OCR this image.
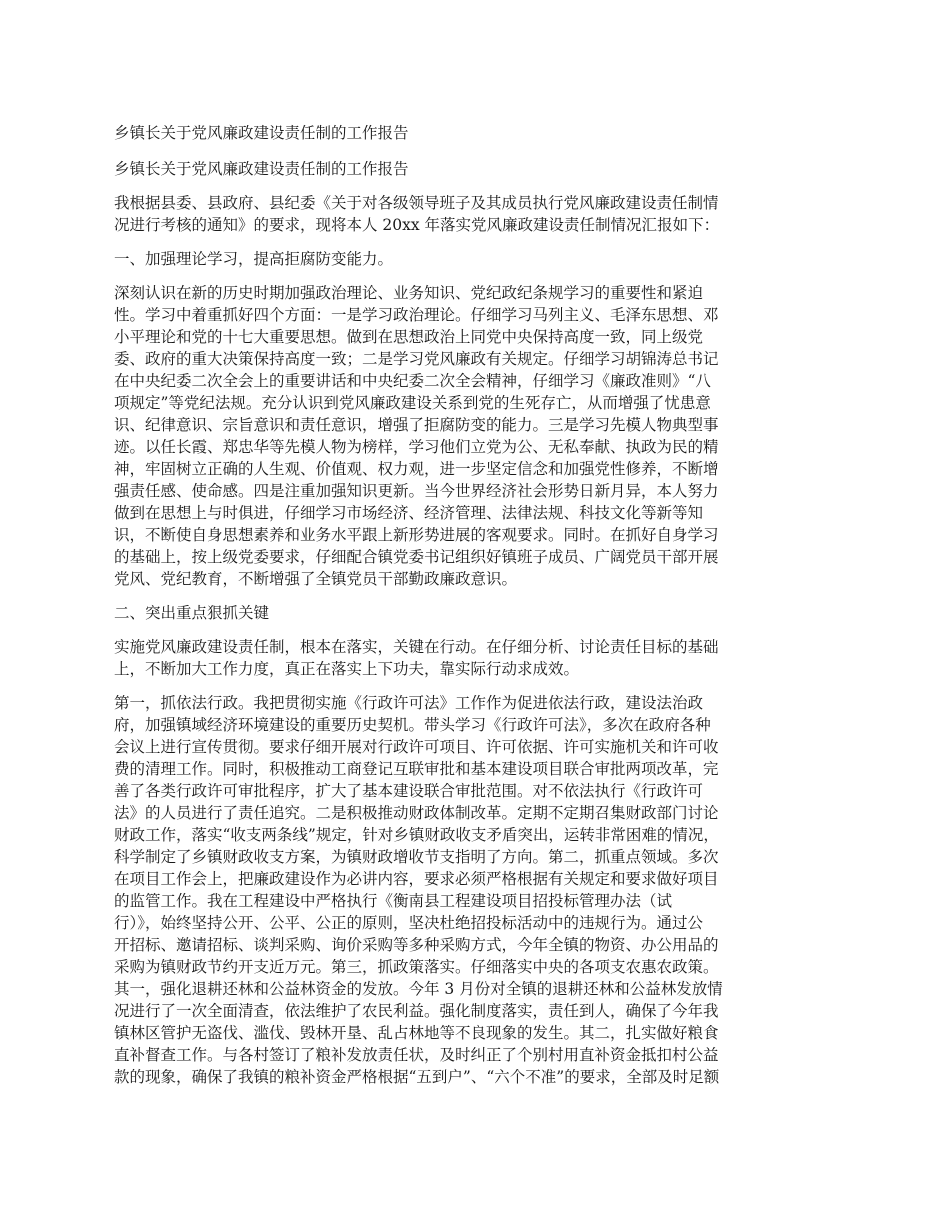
乡镇长关于党风廉政建设责任制的工作报告

乡镇长关于党风廉政建设责任制的工作报告

我根据县委、县政府、县纪委《关于对各级领导班子及其成员执行党风廉政建设责任制情

况进行考核的通知》的要求，现将本人 20xx 年落实党风廉政建设责任制情况汇报如下：

一、加强理论学习，提高拒腐防变能力。

深刻认识在新的历史时期加强政治理论、业务知识、党纪政纪条规学习的重要性和紧迫

性。学习中着重抓好四个方面：一是学习政治理论。仔细学习马列主义、毛泽东思想、邓

小平理论和党的十七大重要思想。做到在思想政治上同党中央保持高度一致，同上级党

委、政府的重大决策保持高度一致；二是学习党风廉政有关规定。仔细学习胡锦涛总书记

在中央纪委二次全会上的重要讲话和中央纪委二次全会精神，仔细学习《廉政准则》“八

项规定”等党纪法规。充分认识到党风廉政建设关系到党的生死存亡，从而增强了忧患意

识、纪律意识、宗旨意识和责任意识，增强了拒腐防变的能力。三是学习先模人物典型事

迹。以任长霞、郑忠华等先模人物为榜样，学习他们立党为公、无私奉献、执政为民的精

神，牢固树立正确的人生观、价值观、权力观，进一步坚定信念和加强党性修养，不断增

强责任感、使命感。四是注重加强知识更新。当今世界经济社会形势日新月异，本人努力

做到在思想上与时俱进，仔细学习市场经济、经济管理、法律法规、科技文化等新等知

识，不断使自身思想素养和业务水平跟上新形势进展的客观要求。同时。在抓好自身学习

的基础上，按上级党委要求，仔细配合镇党委书记组织好镇班子成员、广阔党员干部开展

党风、党纪教育，不断增强了全镇党员干部勤政廉政意识。

二、突出重点狠抓关键

实施党风廉政建设责任制，根本在落实，关键在行动。在仔细分析、讨论责任目标的基础

上，不断加大工作力度，真正在落实上下功夫，靠实际行动求成效。

第一，抓依法行政。我把贯彻实施《行政许可法》工作作为促进依法行政，建设法治政

府，加强镇域经济环境建设的重要历史契机。带头学习《行政许可法》，多次在政府各种

会议上进行宣传贯彻。要求仔细开展对行政许可项目、许可依据、许可实施机关和许可收

费的清理工作。同时，积极推动工商登记互联审批和基本建设项目联合审批两项改革，完

善了各类行政许可审批程序，扩大了基本建设联合审批范围。对不依法执行《行政许可

法》的人员进行了责任追究。二是积极推动财政体制改革。定期不定期召集财政部门讨论

财政工作，落实“收支两条线”规定，针对乡镇财政收支矛盾突出，运转非常困难的情况，

科学制定了乡镇财政收支方案，为镇财政增收节支指明了方向。第二，抓重点领域。多次

在项目工作会上，把廉政建设作为必讲内容，要求必须严格根据有关规定和要求做好项目

的监管工作。我在工程建设中严格执行《衡南县工程建设项目招投标管理办法（试

行）》，始终坚持公开、公平、公正的原则，坚决杜绝招投标活动中的违规行为。通过公

开招标、邀请招标、谈判采购、询价采购等多种采购方式，今年全镇的物资、办公用品的

采购为镇财政节约开支近万元。第三，抓政策落实。仔细落实中央的各项支农惠农政策。

其一，强化退耕还林和公益林资金的发放。今年 3 月份对全镇的退耕还林和公益林发放情

况进行了一次全面清查，依法维护了农民利益。强化制度落实，责任到人，确保了今年我

镇林区管护无盗伐、滥伐、毁林开垦、乱占林地等不良现象的发生。其二，扎实做好粮食

直补督查工作。与各村签订了粮补发放责任状，及时纠正了个别村用直补资金抵扣村公益

款的现象，确保了我镇的粮补资金严格根据“五到户”、“六个不准”的要求，全部及时足额
